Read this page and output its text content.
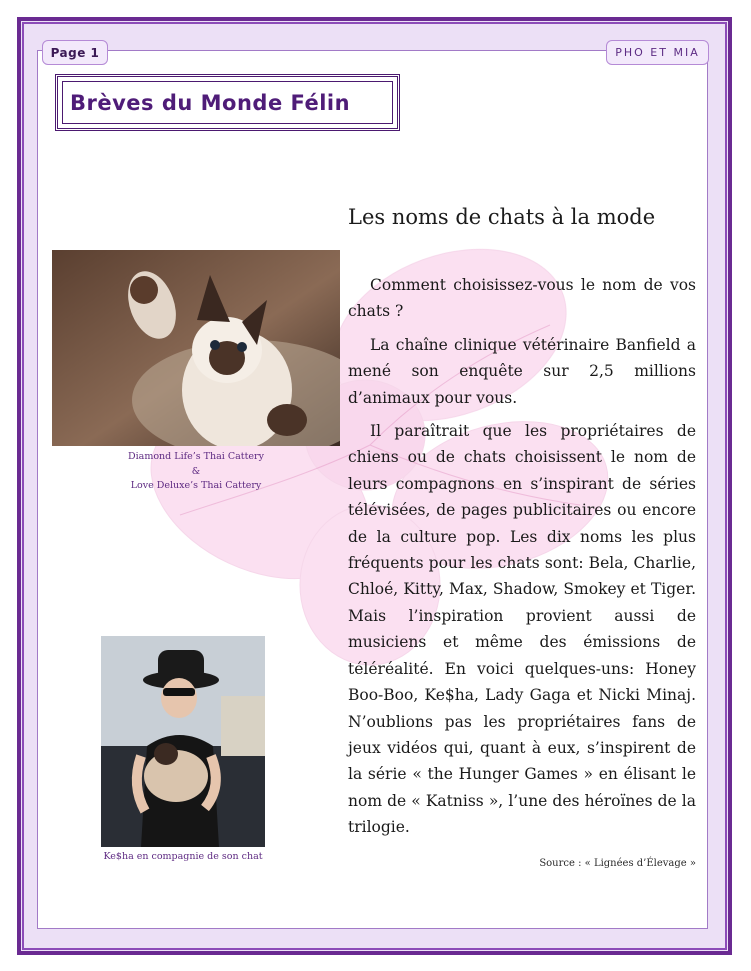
Page 1	PHO ET MIA
Brèves du Monde Félin
Diamond Life’s Thai Cattery
&
Love Deluxe’s Thai Cattery
Ke$ha en compagnie de son chat
Les noms de chats à la mode

Comment choisissez-vous le nom de vos chats ?

La chaîne clinique vétérinaire Banfield a mené son enquête sur 2,5 millions d’animaux pour vous.

Il paraîtrait que les propriétaires de chiens ou de chats choisissent le nom de leurs compagnons en s’inspirant de séries télévisées, de pages publicitaires ou encore de la culture pop. Les dix noms les plus fréquents pour les chats sont: Bela, Charlie, Chloé, Kitty, Max, Shadow, Smokey et Tiger. Mais l’inspiration provient aussi de musiciens et même des émissions de téléréalité. En voici quelques-uns: Honey Boo-Boo, Ke$ha, Lady Gaga et Nicki Minaj. N’oublions pas les propriétaires fans de jeux vidéos qui, quant à eux, s’inspirent de la série « the Hunger Games » en élisant le nom de « Katniss », l’une des héroïnes de la trilogie.

Source : « Lignées d’Élevage »
